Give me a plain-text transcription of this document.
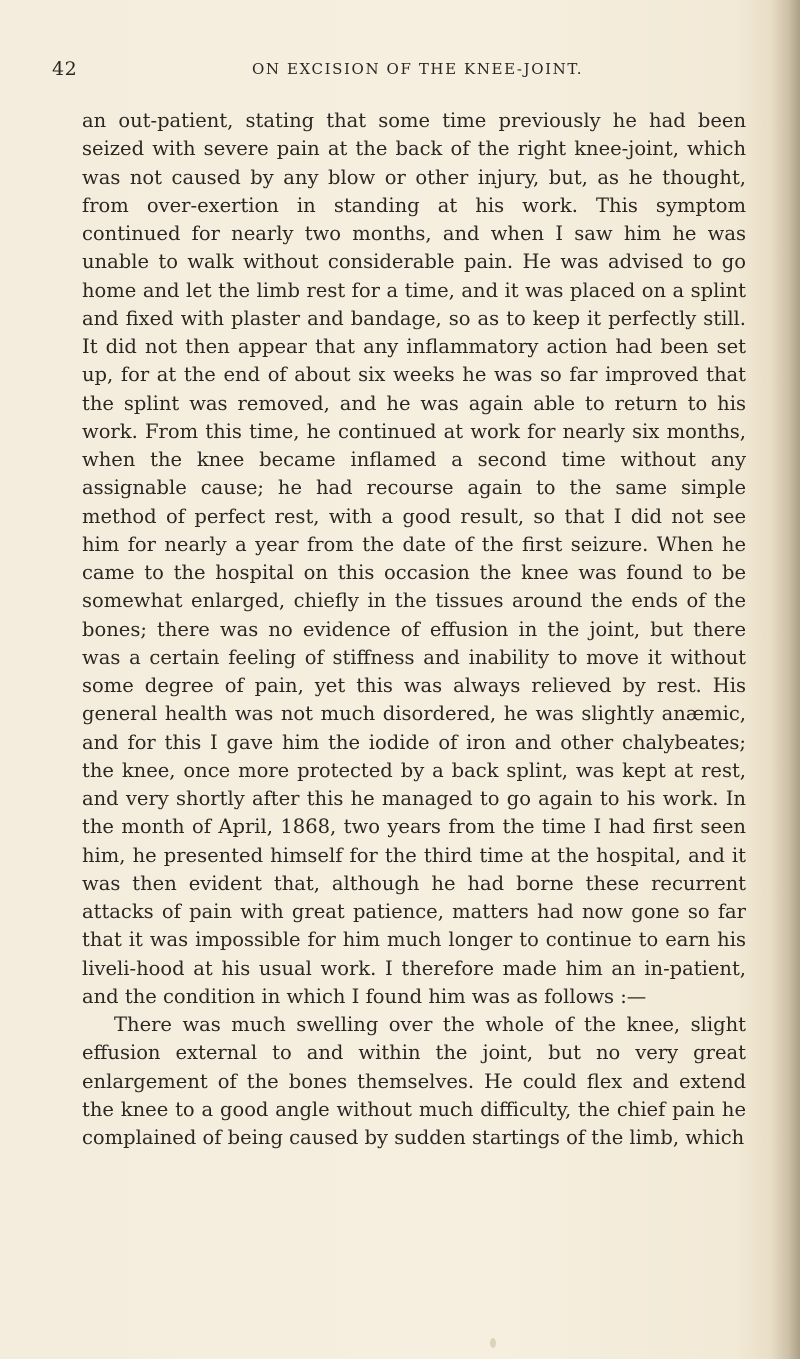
42	ON EXCISION OF THE KNEE-JOINT.

an out-patient, stating that some time previously he had been seized with severe pain at the back of the right knee-joint, which was not caused by any blow or other injury, but, as he thought, from over-exertion in standing at his work. This symptom continued for nearly two months, and when I saw him he was unable to walk without considerable pain. He was advised to go home and let the limb rest for a time, and it was placed on a splint and fixed with plaster and bandage, so as to keep it perfectly still. It did not then appear that any inflammatory action had been set up, for at the end of about six weeks he was so far improved that the splint was removed, and he was again able to return to his work. From this time, he continued at work for nearly six months, when the knee became inflamed a second time without any assignable cause; he had recourse again to the same simple method of perfect rest, with a good result, so that I did not see him for nearly a year from the date of the first seizure. When he came to the hospital on this occasion the knee was found to be somewhat enlarged, chiefly in the tissues around the ends of the bones; there was no evidence of effusion in the joint, but there was a certain feeling of stiffness and inability to move it without some degree of pain, yet this was always relieved by rest. His general health was not much disordered, he was slightly anæmic, and for this I gave him the iodide of iron and other chalybeates; the knee, once more protected by a back splint, was kept at rest, and very shortly after this he managed to go again to his work. In the month of April, 1868, two years from the time I had first seen him, he presented himself for the third time at the hospital, and it was then evident that, although he had borne these recurrent attacks of pain with great patience, matters had now gone so far that it was impossible for him much longer to continue to earn his liveli-hood at his usual work. I therefore made him an in-patient, and the condition in which I found him was as follows :—

There was much swelling over the whole of the knee, slight effusion external to and within the joint, but no very great enlargement of the bones themselves. He could flex and extend the knee to a good angle without much difficulty, the chief pain he complained of being caused by sudden startings of the limb, which
